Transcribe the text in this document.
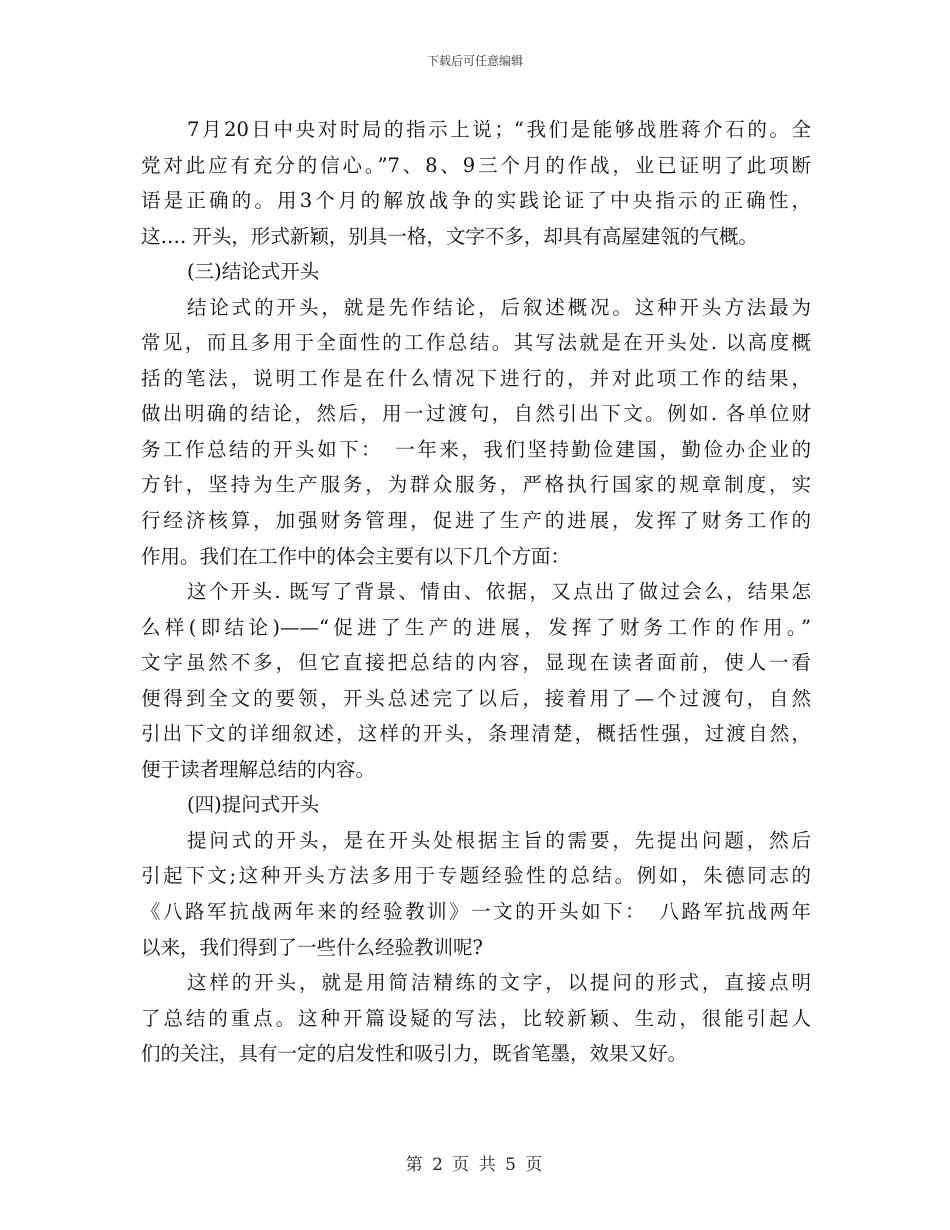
下载后可任意编辑
7月20日中央对时局的指示上说；“我们是能够战胜蒋介石的。全
党对此应有充分的信心。”7、8、9三个月的作战，业已证明了此项断
语是正确的。用3个月的解放战争的实践论证了中央指示的正确性，
这…. 开头，形式新颖，别具一格，文字不多，却具有高屋建瓴的气概。
(三)结论式开头
结论式的开头，就是先作结论，后叙述概况。这种开头方法最为
常见，而且多用于全面性的工作总结。其写法就是在开头处. 以高度概
括的笔法，说明工作是在什么情况下进行的，并对此项工作的结果，
做出明确的结论，然后，用一过渡句，自然引出下文。例如. 各单位财
务工作总结的开头如下：　一年来，我们坚持勤俭建国，勤俭办企业的
方针，坚持为生产服务，为群众服务，严格执行国家的规章制度，实
行经济核算，加强财务管理，促进了生产的进展，发挥了财务工作的
作用。我们在工作中的体会主要有以下几个方面：
这个开头. 既写了背景、情由、依据，又点出了做过会么，结果怎
么样(即结论)——“促进了生产的进展，发挥了财务工作的作用。”
文字虽然不多，但它直接把总结的内容，显现在读者面前，使人一看
便得到全文的要领，开头总述完了以后，接着用了—个过渡句，自然
引出下文的详细叙述，这样的开头，条理清楚，概括性强，过渡自然，
便于读者理解总结的内容。
(四)提问式开头
提问式的开头，是在开头处根据主旨的需要，先提出问题，然后
引起下文;这种开头方法多用于专题经验性的总结。例如，朱德同志的
《八路军抗战两年来的经验教训》一文的开头如下：　八路军抗战两年
以来，我们得到了一些什么经验教训呢?
这样的开头，就是用简洁精练的文字，以提问的形式，直接点明
了总结的重点。这种开篇设疑的写法，比较新颖、生动，很能引起人
们的关注，具有一定的启发性和吸引力，既省笔墨，效果又好。
第 2 页 共 5 页
